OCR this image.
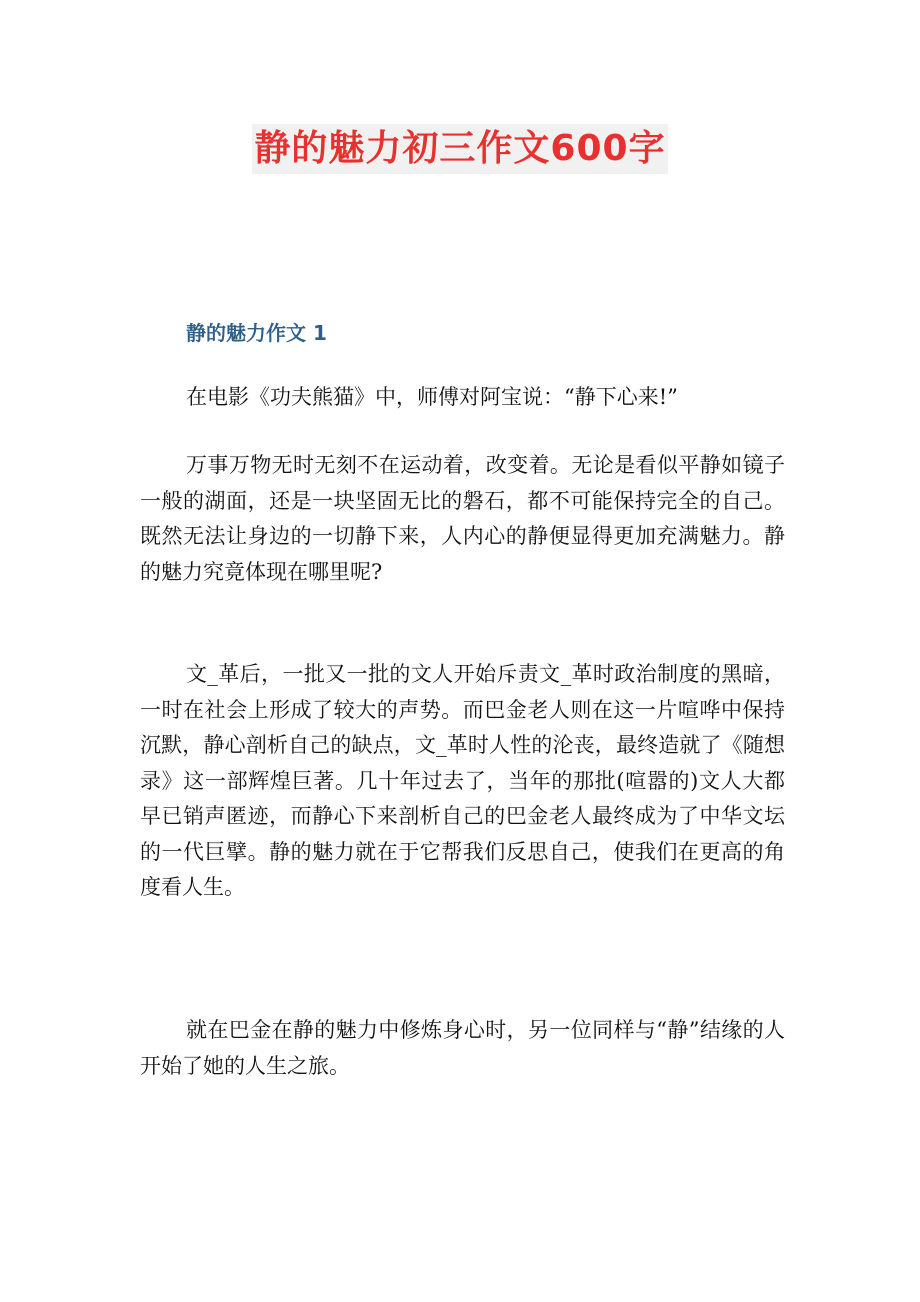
静的魅力初三作文600字
静的魅力作文 1

在电影《功夫熊猫》中，师傅对阿宝说：“静下心来!”

万事万物无时无刻不在运动着，改变着。无论是看似平静如镜子一般的湖面，还是一块坚固无比的磐石，都不可能保持完全的自己。既然无法让身边的一切静下来，人内心的静便显得更加充满魅力。静的魅力究竟体现在哪里呢?

文_革后，一批又一批的文人开始斥责文_革时政治制度的黑暗，一时在社会上形成了较大的声势。而巴金老人则在这一片喧哗中保持沉默，静心剖析自己的缺点，文_革时人性的沦丧，最终造就了《随想录》这一部辉煌巨著。几十年过去了，当年的那批(喧嚣的)文人大都早已销声匿迹，而静心下来剖析自己的巴金老人最终成为了中华文坛的一代巨擘。静的魅力就在于它帮我们反思自己，使我们在更高的角度看人生。

就在巴金在静的魅力中修炼身心时，另一位同样与“静”结缘的人开始了她的人生之旅。
